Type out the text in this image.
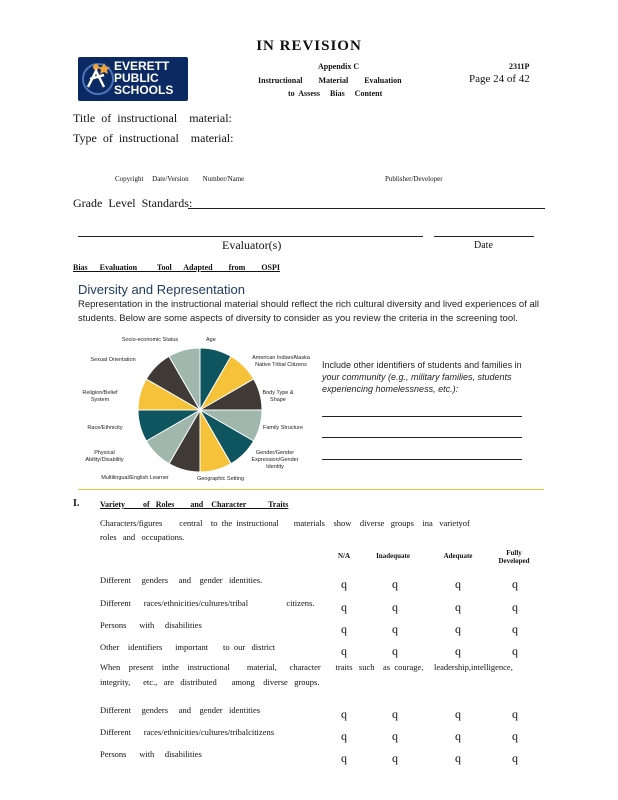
IN REVISION
EVERETT
PUBLIC
SCHOOLS
Appendix C	2311P
Instructional        Material        Evaluation	Page 24 of 42
to  Assess     Bias     Content
Title  of  instructional    material:
Type  of  instructional    material:
Copyright     Date/Version        Number/Name	Publisher/Developer
Grade  Level  Standards:
Evaluator(s)	Date
Bias      Evaluation          Tool      Adapted        from        OSPI
Diversity and Representation
Representation in the instructional material should reflect the rich cultural diversity and lived experiences of all
students. Below are some aspects of diversity to consider as you review the criteria in the screening tool.
Age
Socio-economic Status
Sexual Orientation
Religion/Belief System
Race/Ethnicity
Physical Ability/Disability
Multilingual/English Learner	Geographic Setting
Gender/Gender Expression/Gender Identity
Family Structure
Body Type & Shape
American Indian/Alaska Native Tribal Citizens	Include other identifiers of students and families in
your community (e.g., military families, students
experiencing homelessness, etc.):
I.	Variety         of   Roles        and    Character           Traits
Characters/figures        central    to  the  instructional       materials    show    diverse   groups    ina   varietyof
roles   and   occupations.
N/A	Inadequate	Adequate	Fully Developed
Different     genders     and    gender   identities.	q	q	q	q
Different      races/ethnicities/cultures/tribal                  citizens. q	q	q	q
Persons      with     disabilities	q	q	q	q
Other    identifiers      important       to  our   district	q	q	q	q
When    present    inthe    instructional        material,      character       traits   such    as  courage,     leadership,intelligence,
integrity,      etc.,   are   distributed       among    diverse   groups.
Different     genders     and    gender   identities	q	q	q	q
Different      races/ethnicities/cultures/tribalcitizens	q	q	q	q
Persons      with     disabilities	q	q	q	q
